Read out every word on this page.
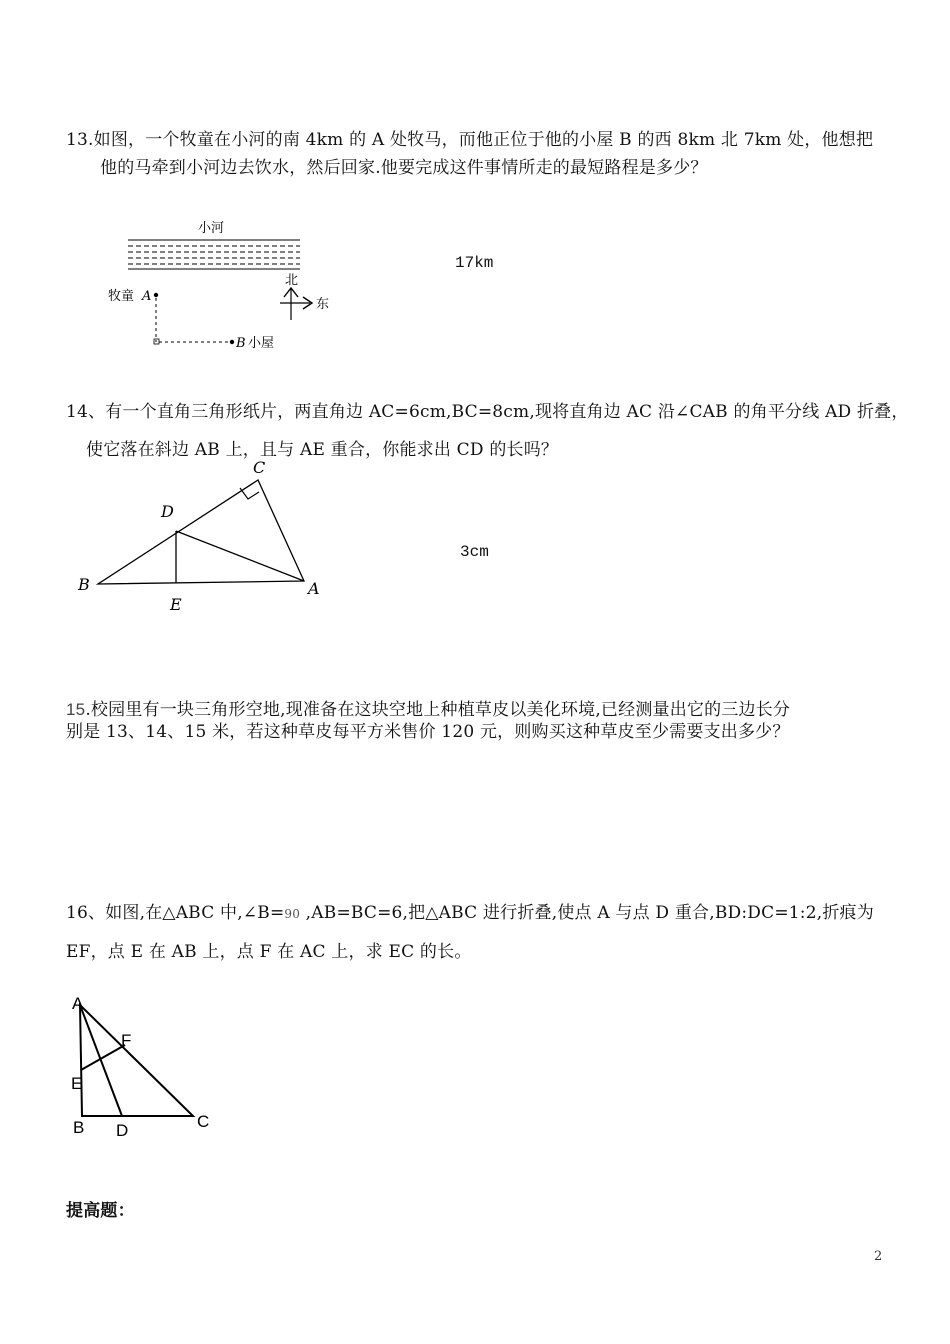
13.如图，一个牧童在小河的南 4km 的 A 处牧马，而他正位于他的小屋 B 的西 8km 北 7km 处，他想把
他的马牵到小河边去饮水，然后回家.他要完成这件事情所走的最短路程是多少？
小河
北
东
牧童 A
B 小屋
17km
14、有一个直角三角形纸片，两直角边 AC=6cm,BC=8cm,现将直角边 AC 沿∠CAB 的角平分线 AD 折叠，
使它落在斜边 AB 上，且与 AE 重合，你能求出 CD 的长吗？
C
D
B
E
A
3cm
15.校园里有一块三角形空地,现准备在这块空地上种植草皮以美化环境,已经测量出它的三边长分
别是 13、14、15 米，若这种草皮每平方米售价 120 元，则购买这种草皮至少需要支出多少？
16、如图,在△ABC 中,∠B=90 ,AB=BC=6,把△ABC 进行折叠,使点 A 与点 D 重合,BD:DC=1:2,折痕为
EF，点 E 在 AB 上，点 F 在 AC 上，求 EC 的长。
A
F
E
B D	C
提高题：
2
